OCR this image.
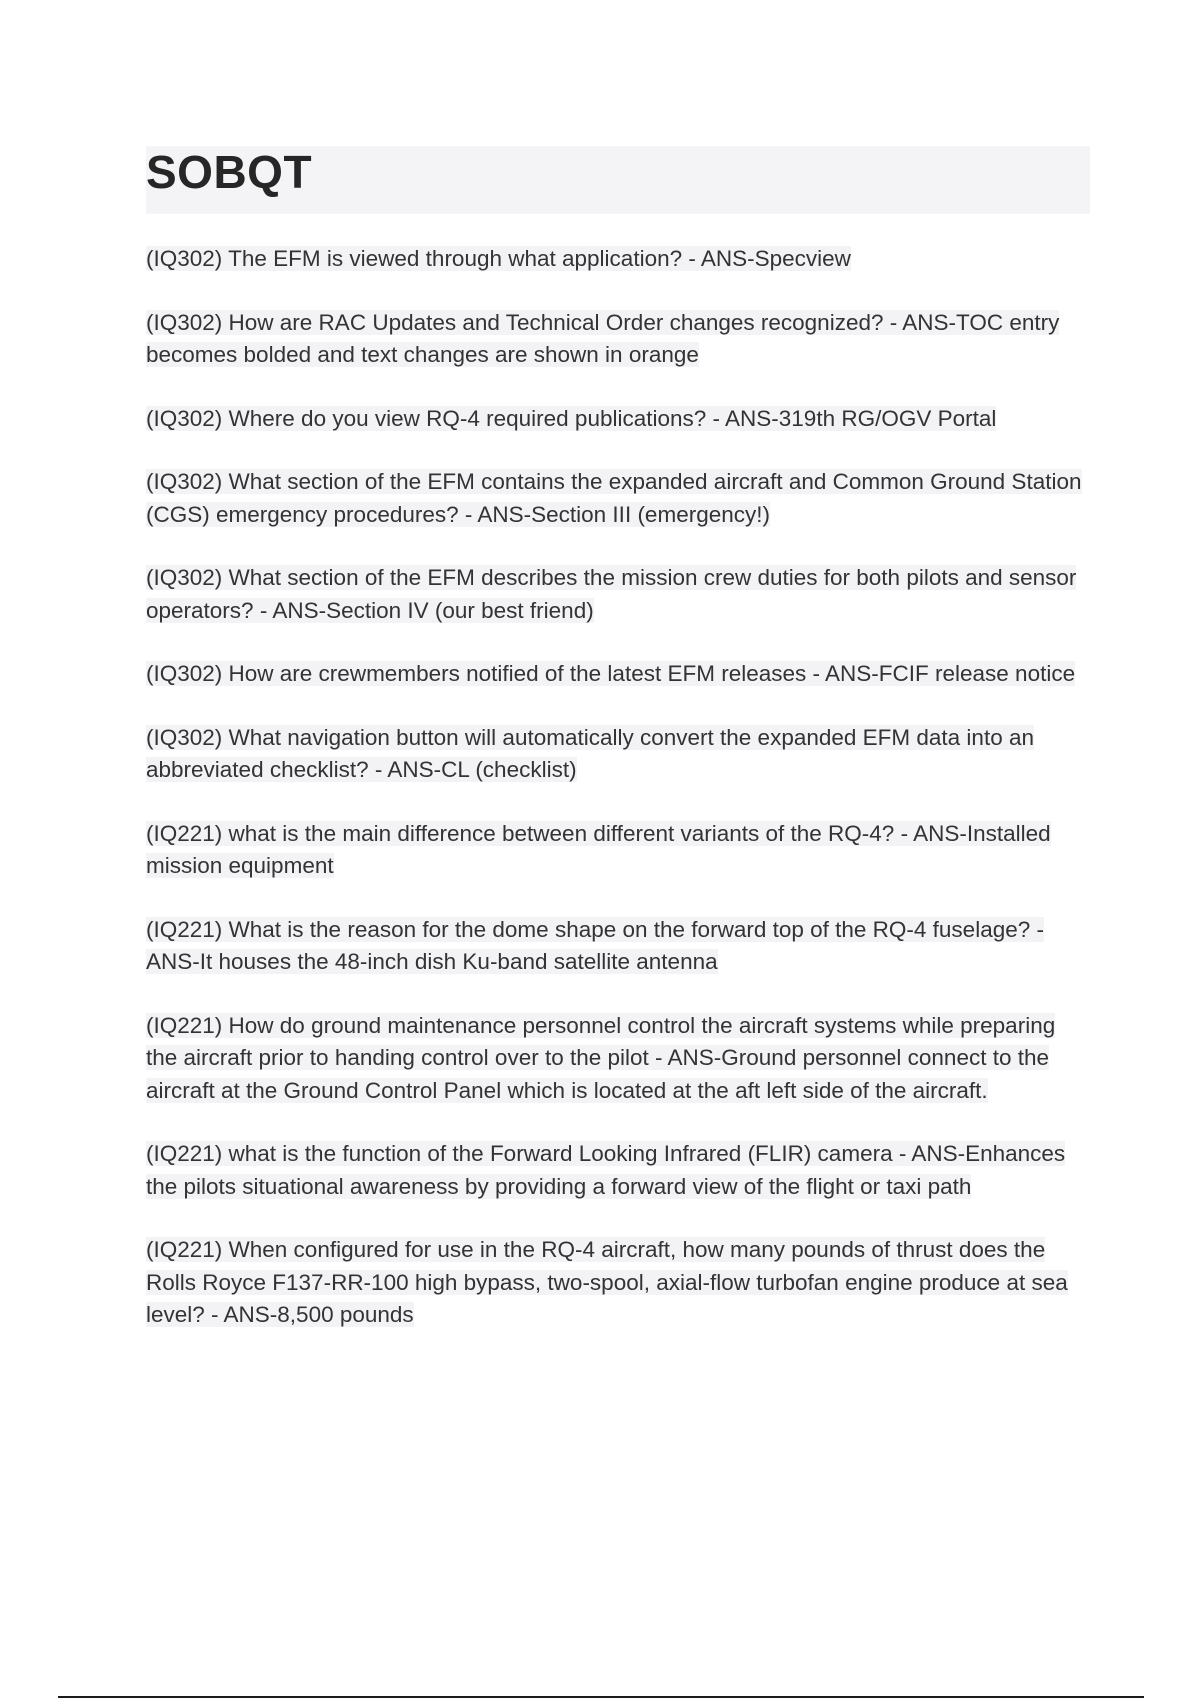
SOBQT

(IQ302) The EFM is viewed through what application? - ANS-Specview

(IQ302) How are RAC Updates and Technical Order changes recognized? - ANS-TOC entry becomes bolded and text changes are shown in orange

(IQ302) Where do you view RQ-4 required publications? - ANS-319th RG/OGV Portal

(IQ302) What section of the EFM contains the expanded aircraft and Common Ground Station (CGS) emergency procedures? - ANS-Section III (emergency!)

(IQ302) What section of the EFM describes the mission crew duties for both pilots and sensor operators? - ANS-Section IV (our best friend)

(IQ302) How are crewmembers notified of the latest EFM releases - ANS-FCIF release notice

(IQ302) What navigation button will automatically convert the expanded EFM data into an abbreviated checklist? - ANS-CL (checklist)

(IQ221) what is the main difference between different variants of the RQ-4? - ANS-Installed mission equipment

(IQ221) What is the reason for the dome shape on the forward top of the RQ-4 fuselage? - ANS-It houses the 48-inch dish Ku-band satellite antenna

(IQ221) How do ground maintenance personnel control the aircraft systems while preparing the aircraft prior to handing control over to the pilot - ANS-Ground personnel connect to the aircraft at the Ground Control Panel which is located at the aft left side of the aircraft.

(IQ221) what is the function of the Forward Looking Infrared (FLIR) camera - ANS-Enhances the pilots situational awareness by providing a forward view of the flight or taxi path

(IQ221) When configured for use in the RQ-4 aircraft, how many pounds of thrust does the Rolls Royce F137-RR-100 high bypass, two-spool, axial-flow turbofan engine produce at sea level? - ANS-8,500 pounds
